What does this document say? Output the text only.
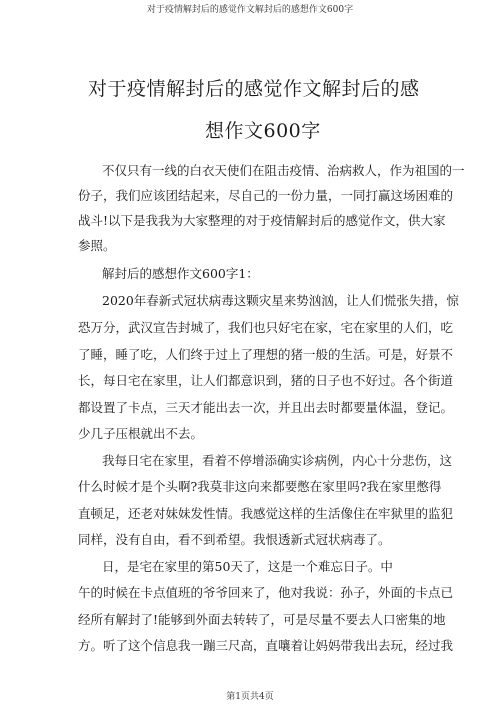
对于疫情解封后的感觉作文解封后的感想作文600字
对于疫情解封后的感觉作文解封后的感
想作文600字
不仅只有一线的白衣天使们在阻击疫情、治病救人，作为祖国的一
份子，我们应该团结起来，尽自己的一份力量，一同打赢这场困难的
战斗!以下是我我为大家整理的对于疫情解封后的感觉作文，供大家
参照。
解封后的感想作文600字1：
2020年春新式冠状病毒这颗灾星来势汹汹，让人们慌张失措，惊
恐万分，武汉宣告封城了，我们也只好宅在家，宅在家里的人们，吃
了睡，睡了吃，人们终于过上了理想的猪一般的生活。可是，好景不
长，每日宅在家里，让人们都意识到，猪的日子也不好过。各个街道
都设置了卡点，三天才能出去一次，并且出去时都要量体温，登记。
少几子压根就出不去。
我每日宅在家里，看着不停增添确实诊病例，内心十分悲伤，这
什么时候才是个头啊?我莫非这向来都要憋在家里吗?我在家里憋得
直顿足，还老对妹妹发性情。我感觉这样的生活像住在牢狱里的监犯
同样，没有自由，看不到希望。我恨透新式冠状病毒了。
日，是宅在家里的第50天了，这是一个难忘日子。中
午的时候在卡点值班的爷爷回来了，他对我说：孙子，外面的卡点已
经所有解封了!能够到外面去转转了，可是尽量不要去人口密集的地
方。听了这个信息我一蹦三尺高，直嚷着让妈妈带我出去玩，经过我
第1页共4页
